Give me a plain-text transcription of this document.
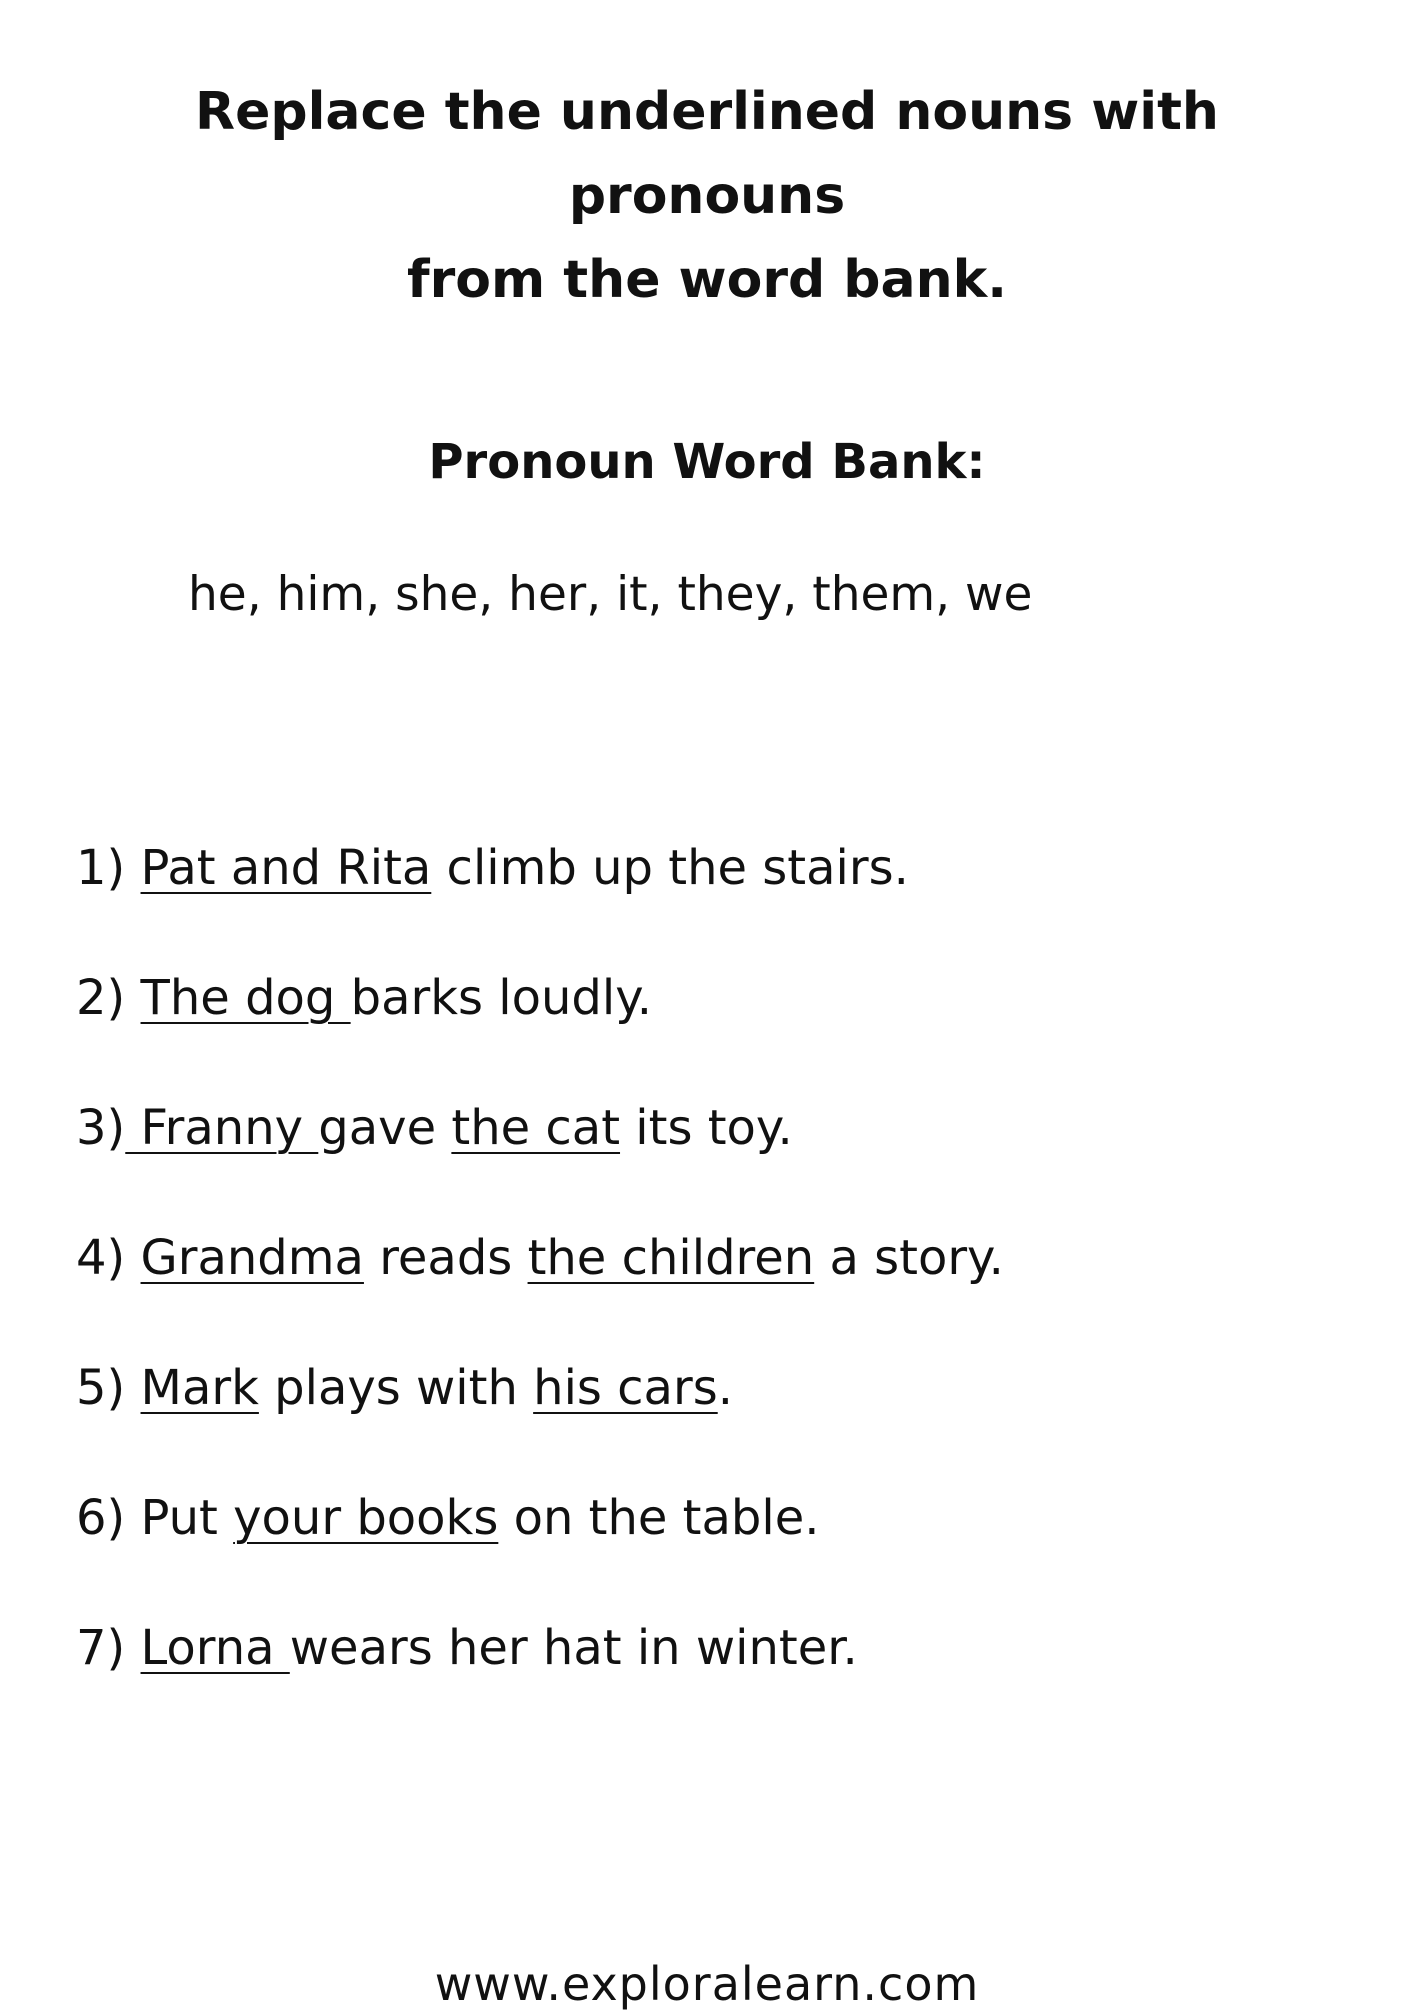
Replace the underlined nouns with pronouns
from the word bank.
Pronoun Word Bank:

he, him, she, her, it, they, them, we

1) Pat and Rita climb up the stairs.
2) The dog barks loudly.
3) Franny gave the cat its toy.
4) Grandma reads the children a story.
5) Mark plays with his cars.
6) Put your books on the table.
7) Lorna wears her hat in winter.

www.exploralearn.com
